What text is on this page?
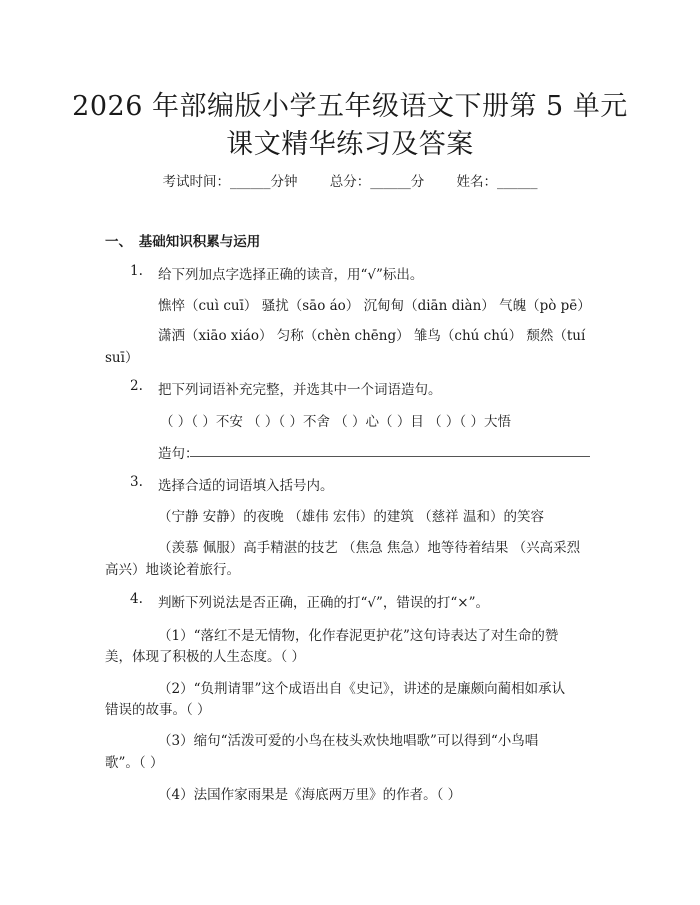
2026 年部编版小学五年级语文下册第 5 单元
课文精华练习及答案
考试时间：______分钟 总分：______分 姓名：______
一、　基础知识积累与运用
1. 给下列加点字选择正确的读音，用“√”标出。
憔悴（cuì cuī） 骚扰（sāo áo） 沉甸甸（diān diàn） 气魄（pò pē）
潇洒（xiāo xiáo） 匀称（chèn chēng） 雏鸟（chú chú） 颓然（tuí
suī）
2. 把下列词语补充完整，并选其中一个词语造句。
（ ）（ ）不安 （ ）（ ）不舍 （ ）心（ ）目 （ ）（ ）大悟
造句：
3. 选择合适的词语填入括号内。
（宁静 安静）的夜晚 （雄伟 宏伟）的建筑 （慈祥 温和）的笑容
（羡慕 佩服）高手精湛的技艺 （焦急 焦急）地等待着结果 （兴高采烈
高兴）地谈论着旅行。
4. 判断下列说法是否正确，正确的打“√”，错误的打“×”。
（1）“落红不是无情物，化作春泥更护花”这句诗表达了对生命的赞
美，体现了积极的人生态度。（ ）
（2）“负荆请罪”这个成语出自《史记》，讲述的是廉颇向蔺相如承认
错误的故事。（ ）
（3）缩句“活泼可爱的小鸟在枝头欢快地唱歌”可以得到“小鸟唱
歌”。（ ）
（4）法国作家雨果是《海底两万里》的作者。（ ）
